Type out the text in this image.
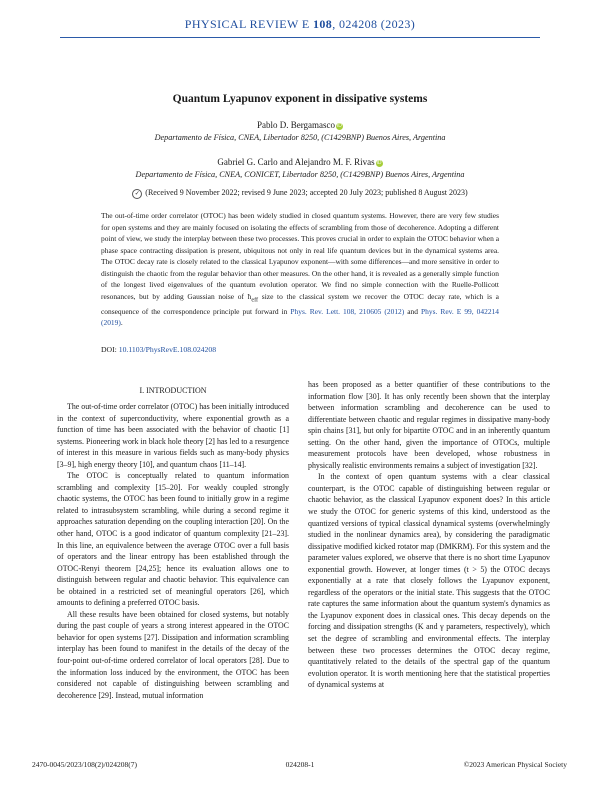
PHYSICAL REVIEW E 108, 024208 (2023)
Quantum Lyapunov exponent in dissipative systems
Pablo D. Bergamasco iD
Departamento de Física, CNEA, Libertador 8250, (C1429BNP) Buenos Aires, Argentina
Gabriel G. Carlo and Alejandro M. F. Rivas iD
Departamento de Física, CNEA, CONICET, Libertador 8250, (C1429BNP) Buenos Aires, Argentina
✓ (Received 9 November 2022; revised 9 June 2023; accepted 20 July 2023; published 8 August 2023)
The out-of-time order correlator (OTOC) has been widely studied in closed quantum systems. However, there are very few studies for open systems and they are mainly focused on isolating the effects of scrambling from those of decoherence. Adopting a different point of view, we study the interplay between these two processes. This proves crucial in order to explain the OTOC behavior when a phase space contracting dissipation is present, ubiquitous not only in real life quantum devices but in the dynamical systems area. The OTOC decay rate is closely related to the classical Lyapunov exponent—with some differences—and more sensitive in order to distinguish the chaotic from the regular behavior than other measures. On the other hand, it is revealed as a generally simple function of the longest lived eigenvalues of the quantum evolution operator. We find no simple connection with the Ruelle-Pollicott resonances, but by adding Gaussian noise of $ħ_{eff}$ size to the classical system we recover the OTOC decay rate, which is a consequence of the correspondence principle put forward in Phys. Rev. Lett. 108, 210605 (2012) and Phys. Rev. E 99, 042214 (2019).
DOI: 10.1103/PhysRevE.108.024208
I. INTRODUCTION

The out-of-time order correlator (OTOC) has been initially introduced in the context of superconductivity, where exponential growth as a function of time has been associated with the behavior of chaotic [1] systems. Pioneering work in black hole theory [2] has led to a resurgence of interest in this measure in various fields such as many-body physics [3–9], high energy theory [10], and quantum chaos [11–14].

The OTOC is conceptually related to quantum information scrambling and complexity [15–20]. For weakly coupled strongly chaotic systems, the OTOC has been found to initially grow in a regime related to intrasubsystem scrambling, while during a second regime it approaches saturation depending on the coupling interaction [20]. On the other hand, OTOC is a good indicator of quantum complexity [21–23]. In this line, an equivalence between the average OTOC over a full basis of operators and the linear entropy has been established through the OTOC-Renyi theorem [24,25]; hence its evaluation allows one to distinguish between regular and chaotic behavior. This equivalence can be obtained in a restricted set of meaningful operators [26], which amounts to defining a preferred OTOC basis.

All these results have been obtained for closed systems, but notably during the past couple of years a strong interest appeared in the OTOC behavior for open systems [27]. Dissipation and information scrambling interplay has been found to manifest in the details of the decay of the four-point out-of-time ordered correlator of local operators [28]. Due to the information loss induced by the environment, the OTOC has been considered not capable of distinguishing between scrambling and decoherence [29]. Instead, mutual information

has been proposed as a better quantifier of these contributions to the information flow [30]. It has only recently been shown that the interplay between information scrambling and decoherence can be used to differentiate between chaotic and regular regimes in dissipative many-body spin chains [31], but only for bipartite OTOC and in an inherently quantum setting. On the other hand, given the importance of OTOCs, multiple measurement protocols have been developed, whose robustness in physically realistic environments remains a subject of investigation [32].

In the context of open quantum systems with a clear classical counterpart, is the OTOC capable of distinguishing between regular or chaotic behavior, as the classical Lyapunov exponent does? In this article we study the OTOC for generic systems of this kind, understood as the quantized versions of typical classical dynamical systems (overwhelmingly studied in the nonlinear dynamics area), by considering the paradigmatic dissipative modified kicked rotator map (DMKRM). For this system and the parameter values explored, we observe that there is no short time Lyapunov exponential growth. However, at longer times (t > 5) the OTOC decays exponentially at a rate that closely follows the Lyapunov exponent, regardless of the operators or the initial state. This suggests that the OTOC rate captures the same information about the quantum system's dynamics as the Lyapunov exponent does in classical ones. This decay depends on the forcing and dissipation strengths (K and γ parameters, respectively), which set the degree of scrambling and environmental effects. The interplay between these two processes determines the OTOC decay regime, quantitatively related to the details of the spectral gap of the quantum evolution operator. It is worth mentioning here that the statistical properties of dynamical systems at

2470-0045/2023/108(2)/024208(7)	024208-1	©2023 American Physical Society
